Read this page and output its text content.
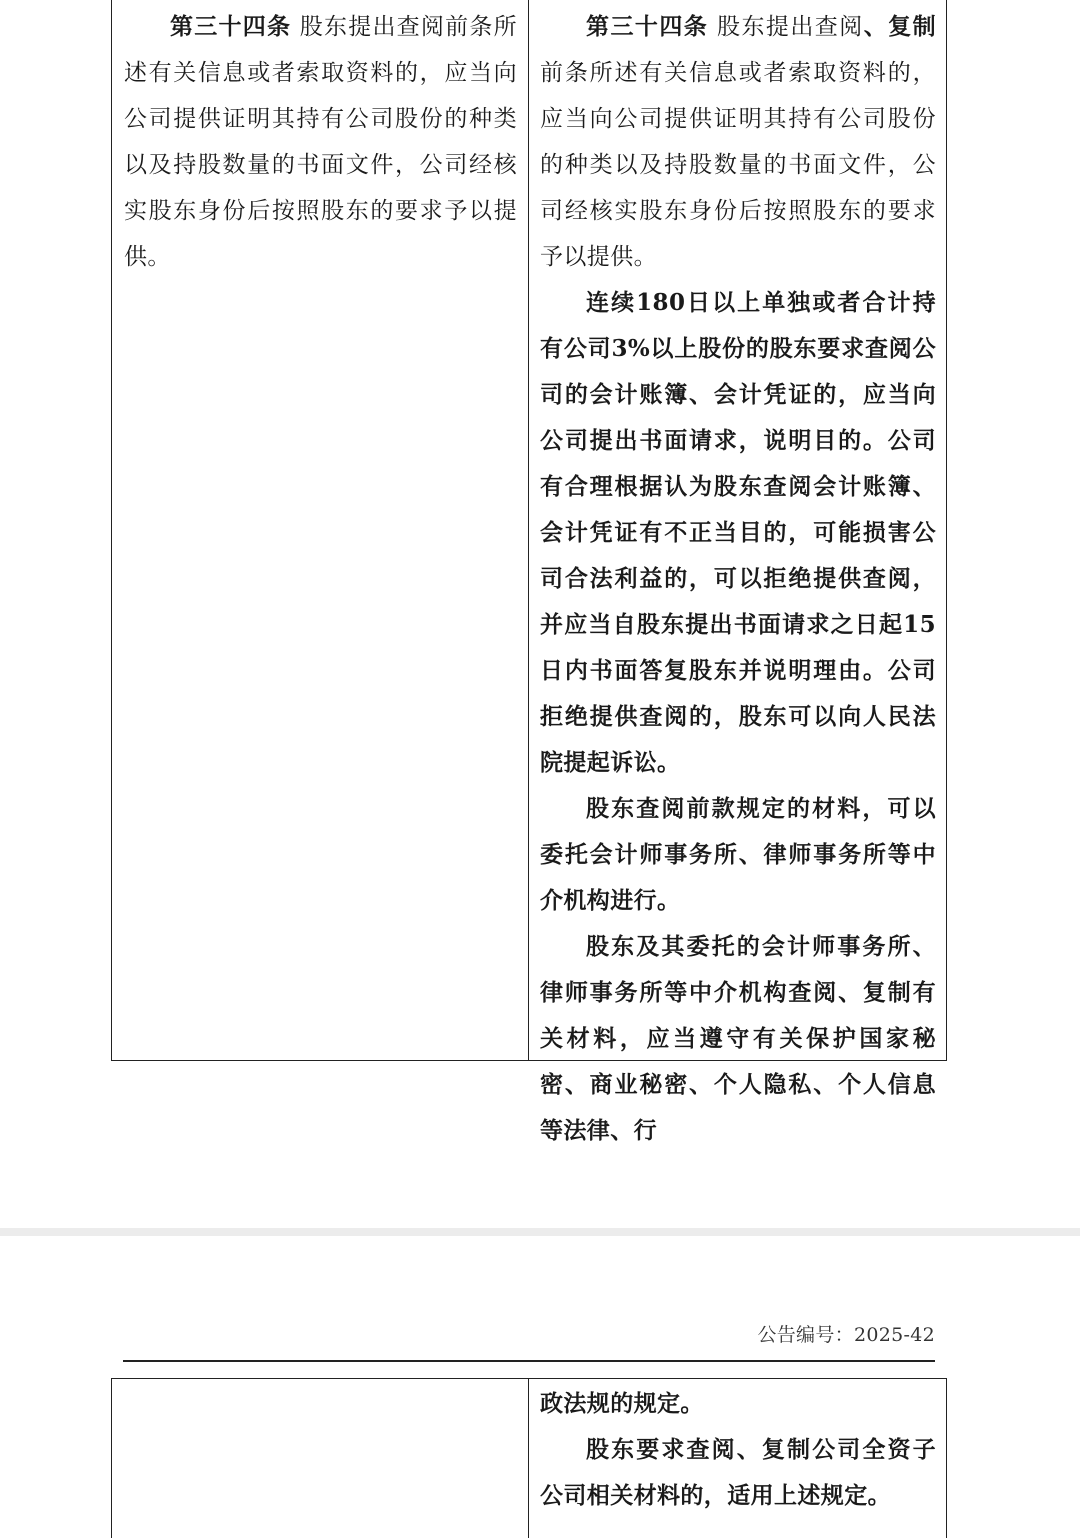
第三十四条 股东提出查阅前条所述有关信息或者索取资料的，应当向公司提供证明其持有公司股份的种类以及持股数量的书面文件，公司经核实股东身份后按照股东的要求予以提供。

第三十四条 股东提出查阅、复制前条所述有关信息或者索取资料的，应当向公司提供证明其持有公司股份的种类以及持股数量的书面文件，公司经核实股东身份后按照股东的要求予以提供。

连续180日以上单独或者合计持有公司3%以上股份的股东要求查阅公司的会计账簿、会计凭证的，应当向公司提出书面请求，说明目的。公司有合理根据认为股东查阅会计账簿、会计凭证有不正当目的，可能损害公司合法利益的，可以拒绝提供查阅，并应当自股东提出书面请求之日起15日内书面答复股东并说明理由。公司拒绝提供查阅的，股东可以向人民法院提起诉讼。

股东查阅前款规定的材料，可以委托会计师事务所、律师事务所等中介机构进行。

股东及其委托的会计师事务所、律师事务所等中介机构查阅、复制有关材料，应当遵守有关保护国家秘密、商业秘密、个人隐私、个人信息等法律、行

公告编号：2025-42

政法规的规定。

股东要求查阅、复制公司全资子公司相关材料的，适用上述规定。
